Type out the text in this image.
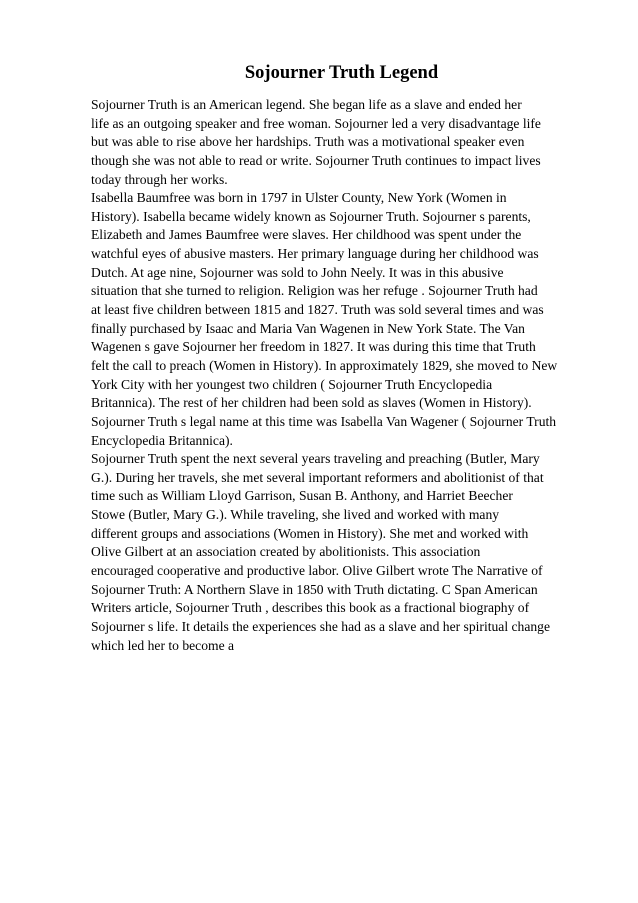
Sojourner Truth Legend
Sojourner Truth is an American legend. She began life as a slave and ended her
life as an outgoing speaker and free woman. Sojourner led a very disadvantage life
but was able to rise above her hardships. Truth was a motivational speaker even
though she was not able to read or write. Sojourner Truth continues to impact lives
today through her works.
Isabella Baumfree was born in 1797 in Ulster County, New York (Women in
History). Isabella became widely known as Sojourner Truth. Sojourner s parents,
Elizabeth and James Baumfree were slaves. Her childhood was spent under the
watchful eyes of abusive masters. Her primary language during her childhood was
Dutch. At age nine, Sojourner was sold to John Neely. It was in this abusive
situation that she turned to religion. Religion was her refuge . Sojourner Truth had
at least five children between 1815 and 1827. Truth was sold several times and was
finally purchased by Isaac and Maria Van Wagenen in New York State. The Van
Wagenen s gave Sojourner her freedom in 1827. It was during this time that Truth
felt the call to preach (Women in History). In approximately 1829, she moved to New
York City with her youngest two children ( Sojourner Truth Encyclopedia
Britannica). The rest of her children had been sold as slaves (Women in History).
Sojourner Truth s legal name at this time was Isabella Van Wagener ( Sojourner Truth
Encyclopedia Britannica).
Sojourner Truth spent the next several years traveling and preaching (Butler, Mary
G.). During her travels, she met several important reformers and abolitionist of that
time such as William Lloyd Garrison, Susan B. Anthony, and Harriet Beecher
Stowe (Butler, Mary G.). While traveling, she lived and worked with many
different groups and associations (Women in History). She met and worked with
Olive Gilbert at an association created by abolitionists. This association
encouraged cooperative and productive labor. Olive Gilbert wrote The Narrative of
Sojourner Truth: A Northern Slave in 1850 with Truth dictating. C Span American
Writers article, Sojourner Truth , describes this book as a fractional biography of
Sojourner s life. It details the experiences she had as a slave and her spiritual change
which led her to become a
